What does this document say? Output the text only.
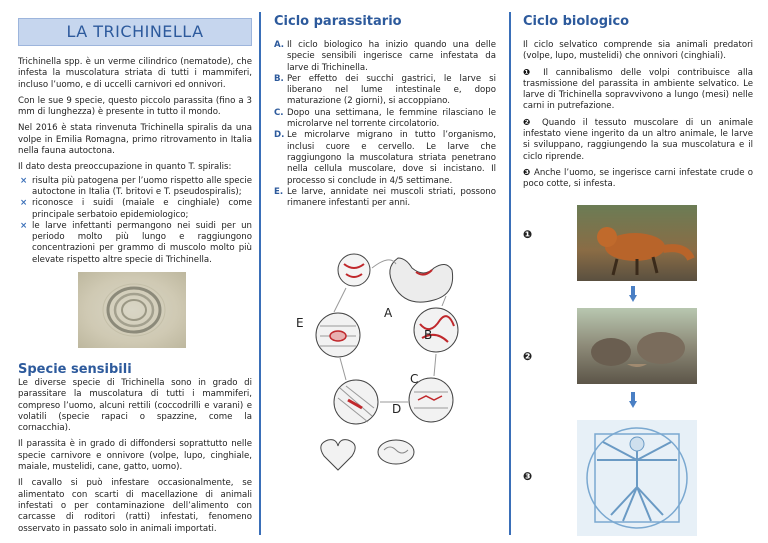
LA TRICHINELLA

Trichinella spp. è un verme cilindrico (nematode), che infesta la muscolatura striata di tutti i mammiferi, incluso l’uomo, e di uccelli carnivori ed onnivori.

Con le sue 9 specie, questo piccolo parassita (fino a 3 mm di lunghezza) è presente in tutto il mondo.

Nel 2016 è stata rinvenuta Trichinella spiralis da una volpe in Emilia Romagna, primo ritrovamento in Italia nella fauna autoctona.

Il dato desta preoccupazione in quanto T. spiralis:

× risulta più patogena per l’uomo rispetto alle specie autoctone in Italia (T. britovi e T. pseudospiralis);
× riconosce i suidi (maiale e cinghiale) come principale serbatoio epidemiologico;
× le larve infettanti permangono nei suidi per un periodo molto più lungo e raggiungono concentrazioni per grammo di muscolo molto più elevate rispetto altre specie di Trichinella.
Specie sensibili

Le diverse specie di Trichinella sono in grado di parassitare la muscolatura di tutti i mammiferi, compreso l’uomo, alcuni rettili (coccodrilli e varani) e volatili (specie rapaci o spazzine, come la cornacchia).

Il parassita è in grado di diffondersi soprattutto nelle specie carnivore e onnivore (volpe, lupo, cinghiale, maiale, mustelidi, cane, gatto, uomo).

Il cavallo si può infestare occasionalmente, se alimentato con scarti di macellazione di animali infestati o per contaminazione dell’alimento con carcasse di roditori (ratti) infestati, fenomeno osservato in passato solo in animali importati.

Ciclo parassitario
A. Il ciclo biologico ha inizio quando una delle specie sensibili ingerisce carne infestata da larve di Trichinella.
B. Per effetto dei succhi gastrici, le larve si liberano nel lume intestinale e, dopo maturazione (2 giorni), si accoppiano.
C. Dopo una settimana, le femmine rilasciano le microlarve nel torrente circolatorio.
D. Le microlarve migrano in tutto l’organismo, inclusi cuore e cervello. Le larve che raggiungono la muscolatura striata penetrano nella cellula muscolare, dove si incistano. Il processo si conclude in 4/5 settimane.
E. Le larve, annidate nei muscoli striati, possono rimanere infestanti per anni.
A
B
C
D
E
Ciclo biologico

Il ciclo selvatico comprende sia animali predatori (volpe, lupo, mustelidi) che onnivori (cinghiali).

❶ Il cannibalismo delle volpi contribuisce alla trasmissione del parassita in ambiente selvatico. Le larve di Trichinella sopravvivono a lungo (mesi) nelle carni in putrefazione.

❷ Quando il tessuto muscolare di un animale infestato viene ingerito da un altro animale, le larve si sviluppano, raggiungendo la sua muscolatura e il ciclo riprende.

❸ Anche l’uomo, se ingerisce carni infestate crude o poco cotte, si infesta.

❶
❷
❸
